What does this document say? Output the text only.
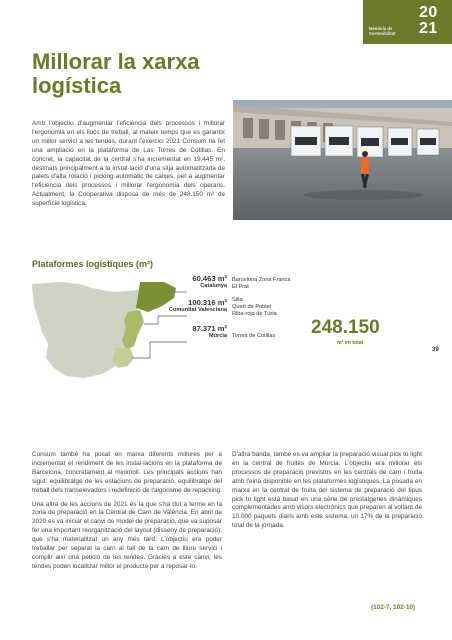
Memòria de Sostenibilitat
20
21
Millorar la xarxa logística
Amb l'objectiu d'augmentar l'eficiència dels processos i millorar l'ergonomia en els llocs de treball, al mateix temps que es garantix un millor servici a les tendes, durant l'exercici 2021 Consum ha fet una ampliació en la plataforma de Las Torres de Cotillas. En concret, la capacitat de la central s'ha incrementat en 19.445 m², destinats principalment a la instal·lació d'una sitja automatitzada de palets d'alta rotació i picking automàtic de caixes, per a augmentar l'eficiència dels processos i millorar l'ergonomia dels operaris. Actualment, la Cooperativa disposa de més de 248.150 m² de superfície logística.
Plataformes logístiques (m²)
60.463 m²
Catalunya
100.316 m²
Comunitat Valenciana
87.371 m²
Múrcia
Barcelona Zona Franca
El Prat
Silla
Quart de Poblet
Riba-roja de Túria
Torres de Cotillas 248.150
m² en total
39

Consum també ha posat en marxa diferents millores per a incrementar el rendiment de les instal·lacions en la plataforma de Barcelona, concretament al minimoll. Les principals accions han sigut: equilibratge de les estacions de preparació, equilibratge del treball dels transelevadors i redefinició de l'algorisme de repacking.

Una altra de les accions de 2021 és la que s'ha dut a terme en la zona de preparació en la Central de Carn de València. En abril de 2020 es va iniciar el canvi de model de preparació, que va suposar fer una important reorganització del layout (disseny de preparació), que s'ha materialitzat un any més tard. L'objectiu era poder treballar per separat la carn al tall de la carn de lliure servici i complir així una petició de les tendes. Gràcies a este canvi, les tendes poden localitzar millor el producte per a reposar-lo.

D'altra banda, també es va ampliar la preparació visual pick to light en la central de fruites de Múrcia. L'objectiu era millorar els processos de preparació previstos en les centrals de carn i fruita amb l'eina disponible en les plataformes logístiques. La posada en marxa en la central de fruita del sistema de preparació del tipus pick to light està basat en una sèrie de prestatgeries dinàmiques complementades amb visors electrònics que preparen al voltant de 10.000 paquets diaris amb este sistema, un 17% de la preparació total de la jornada.

(102-7, 102-10)
